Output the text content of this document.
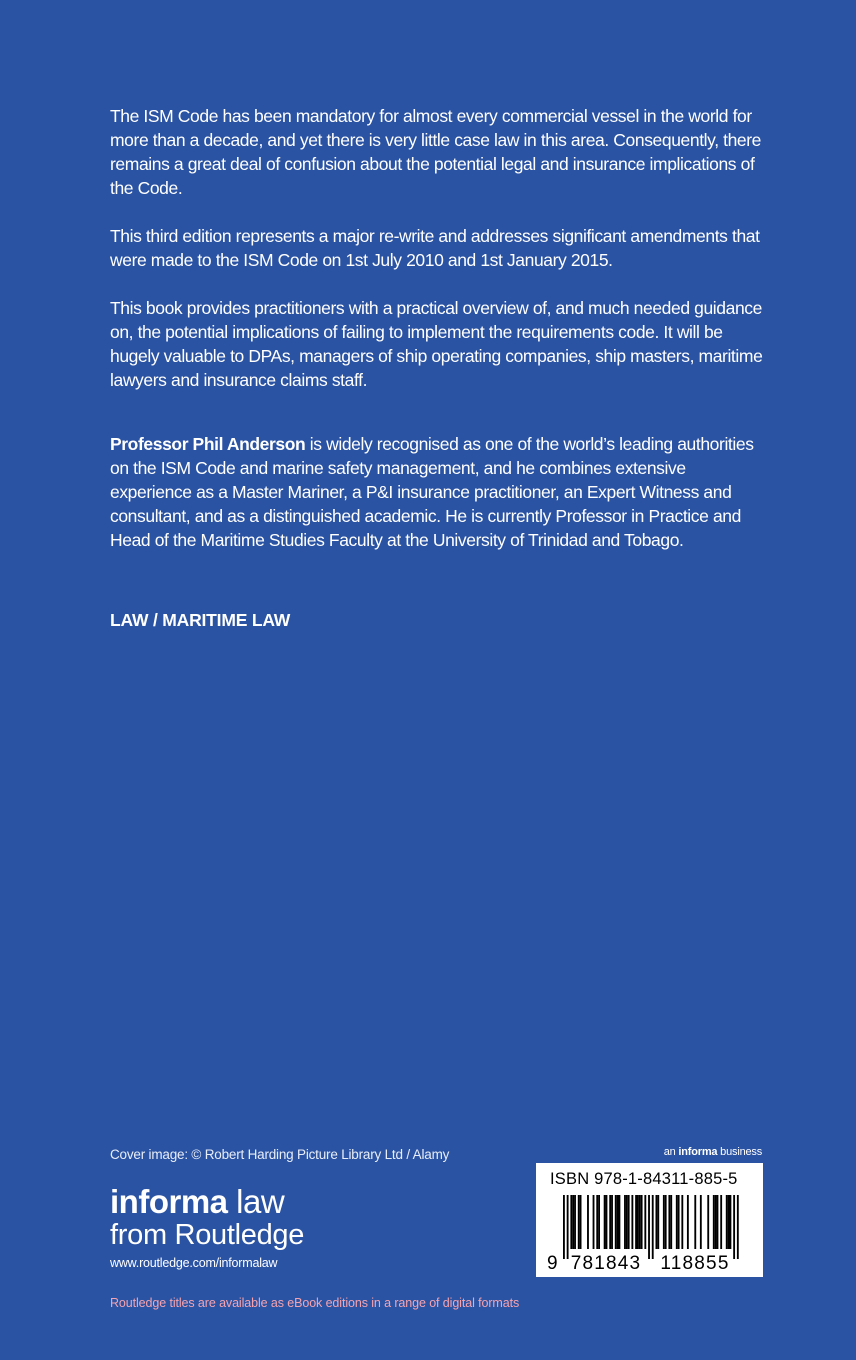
The ISM Code has been mandatory for almost every commercial vessel in the world for more than a decade, and yet there is very little case law in this area. Consequently, there remains a great deal of confusion about the potential legal and insurance implications of the Code.

This third edition represents a major re-write and addresses significant amendments that were made to the ISM Code on 1st July 2010 and 1st January 2015.

This book provides practitioners with a practical overview of, and much needed guidance on, the potential implications of failing to implement the requirements code. It will be hugely valuable to DPAs, managers of ship operating companies, ship masters, maritime lawyers and insurance claims staff.

Professor Phil Anderson is widely recognised as one of the world’s leading authorities on the ISM Code and marine safety management, and he combines extensive experience as a Master Mariner, a P&I insurance practitioner, an Expert Witness and consultant, and as a distinguished academic. He is currently Professor in Practice and Head of the Maritime Studies Faculty at the University of Trinidad and Tobago.

LAW / MARITIME LAW
Cover image: © Robert Harding Picture Library Ltd / Alamy
informa law
from Routledge
www.routledge.com/informalaw
an informa business
ISBN 978-1-84311-885-5
9 781843 118855
Routledge titles are available as eBook editions in a range of digital formats
